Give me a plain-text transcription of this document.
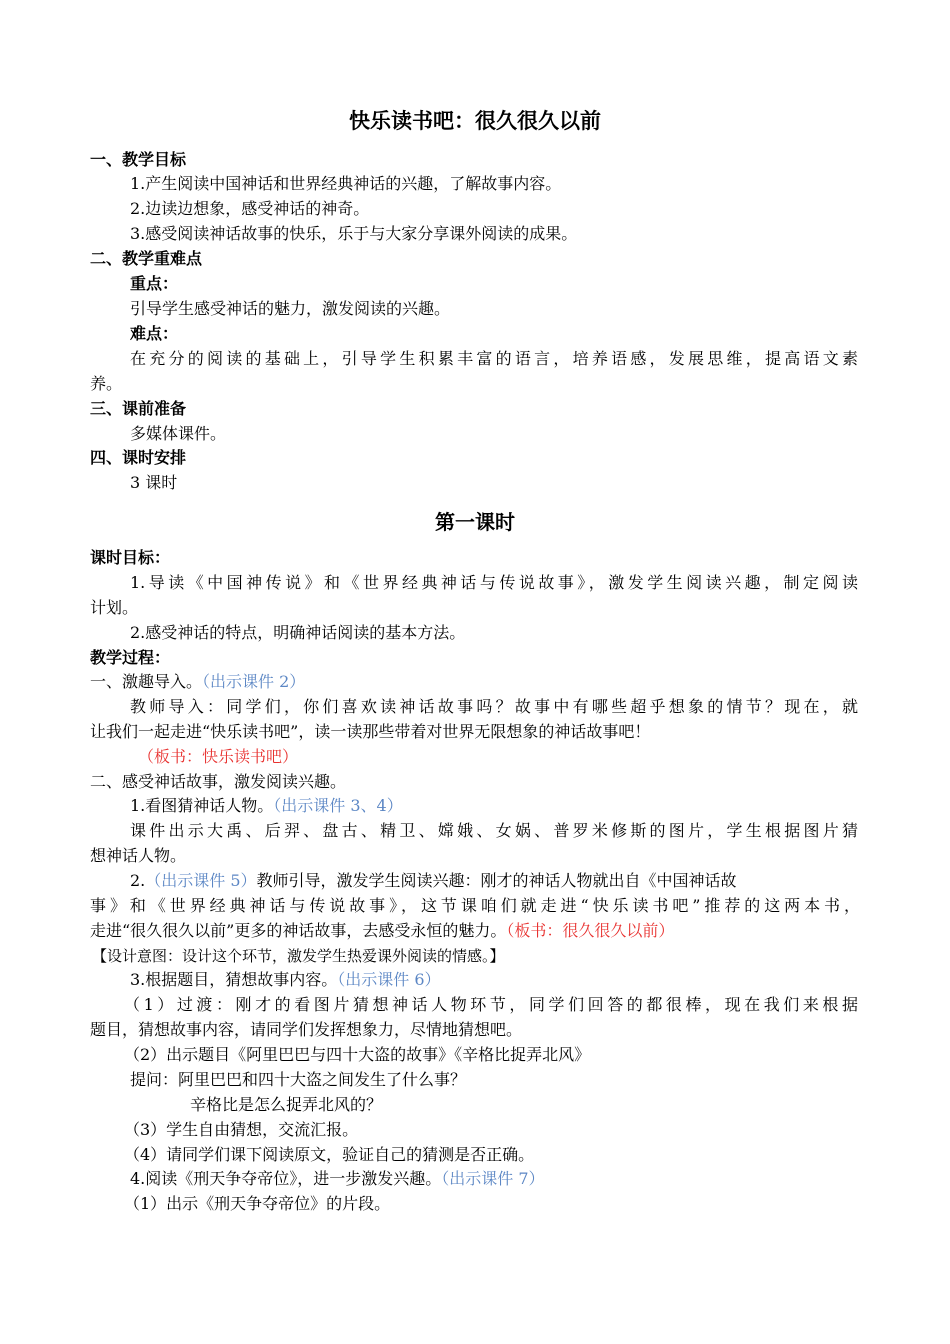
快乐读书吧：很久很久以前
一、教学目标
1.产生阅读中国神话和世界经典神话的兴趣，了解故事内容。
2.边读边想象，感受神话的神奇。
3.感受阅读神话故事的快乐，乐于与大家分享课外阅读的成果。
二、教学重难点
重点：
引导学生感受神话的魅力，激发阅读的兴趣。
难点：
在充分的阅读的基础上，引导学生积累丰富的语言，培养语感，发展思维，提高语文素
养。
三、课前准备
多媒体课件。
四、课时安排
3 课时
第一课时
课时目标：
1.导读《中国神传说》和《世界经典神话与传说故事》，激发学生阅读兴趣，制定阅读
计划。
2.感受神话的特点，明确神话阅读的基本方法。
教学过程：
一、激趣导入。（出示课件 2）
教师导入：同学们，你们喜欢读神话故事吗？故事中有哪些超乎想象的情节？现在，就
让我们一起走进“快乐读书吧”，读一读那些带着对世界无限想象的神话故事吧！
（板书：快乐读书吧）
二、感受神话故事，激发阅读兴趣。
1.看图猜神话人物。（出示课件 3、4）
课件出示大禹、后羿、盘古、精卫、嫦娥、女娲、普罗米修斯的图片，学生根据图片猜
想神话人物。
2.（出示课件 5）教师引导，激发学生阅读兴趣：刚才的神话人物就出自《中国神话故
事》和《世界经典神话与传说故事》，这节课咱们就走进“快乐读书吧”推荐的这两本书，
走进“很久很久以前”更多的神话故事，去感受永恒的魅力。（板书：很久很久以前）
【设计意图：设计这个环节，激发学生热爱课外阅读的情感。】
3.根据题目，猜想故事内容。（出示课件 6）
（1）过渡：刚才的看图片猜想神话人物环节，同学们回答的都很棒，现在我们来根据
题目，猜想故事内容，请同学们发挥想象力，尽情地猜想吧。
（2）出示题目《阿里巴巴与四十大盗的故事》《辛格比捉弄北风》
提问：阿里巴巴和四十大盗之间发生了什么事？
辛格比是怎么捉弄北风的？
（3）学生自由猜想，交流汇报。
（4）请同学们课下阅读原文，验证自己的猜测是否正确。
4.阅读《刑天争夺帝位》，进一步激发兴趣。（出示课件 7）
（1）出示《刑天争夺帝位》的片段。
